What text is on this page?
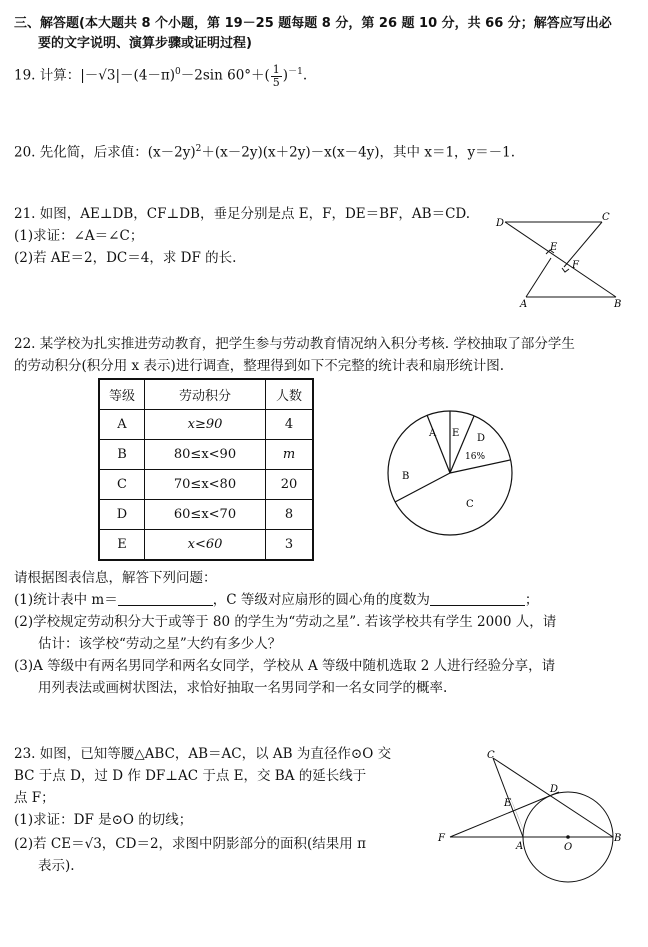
三、解答题(本大题共 8 个小题，第 19－25 题每题 8 分，第 26 题 10 分，共 66 分；解答应写出必
要的文字说明、演算步骤或证明过程)
19. 计算：$|-√3|-(4-\pi)^0-2\sin$ $60^\circ+( \frac{1}{5} )^{-1}$.
20. 先化简，后求值：$(x-2y)^2+(x-2y)(x+2y)-x(x-4y)$，其中 x＝1，y＝－1.
21. 如图，AE⊥DB，CF⊥DB，垂足分别是点 E，F，DE＝BF，AB＝CD.
(1)求证：∠A＝∠C；
(2)若 AE＝2，DC＝4，求 DF 的长.
D
C
E
F
A	B
22. 某学校为扎实推进劳动教育，把学生参与劳动教育情况纳入积分考核. 学校抽取了部分学生
的劳动积分(积分用 x 表示)进行调查，整理得到如下不完整的统计表和扇形统计图.
等级	劳动积分	人数
A	x≥90	4
B	80≤x<90	m
C	70≤x<80	20
D	60≤x<70	8
E	x<60	3
A E D
16%
B
C
请根据图表信息，解答下列问题：
(1)统计表中 m＝	，C 等级对应扇形的圆心角的度数为	；
(2)学校规定劳动积分大于或等于 80 的学生为“劳动之星”. 若该学校共有学生 2000 人，请
估计：该学校“劳动之星”大约有多少人？
(3)A 等级中有两名男同学和两名女同学，学校从 A 等级中随机选取 2 人进行经验分享，请
用列表法或画树状图法，求恰好抽取一名男同学和一名女同学的概率.
23. 如图，已知等腰△ABC，AB＝AC，以 AB 为直径作⊙O 交
BC 于点 D，过 D 作 DF⊥AC 于点 E，交 BA 的延长线于
点 F；
(1)求证：DF 是⊙O 的切线；
(2)若 CE＝√3，CD＝2，求图中阴影部分的面积(结果用 π
表示).
C
D
E
F
A	O
B
